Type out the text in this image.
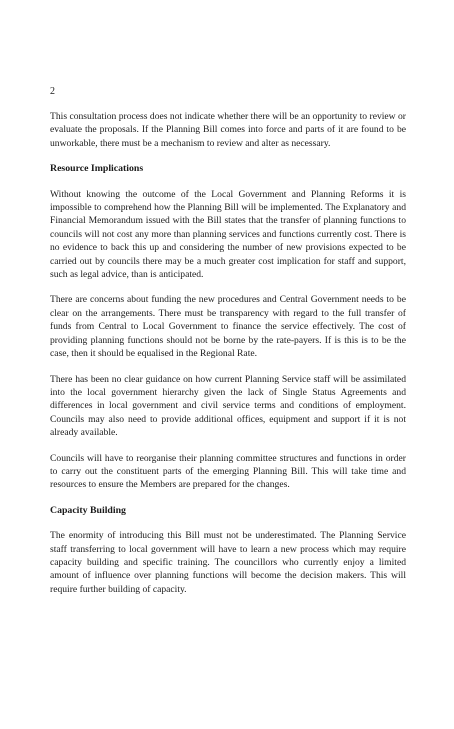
2

This consultation process does not indicate whether there will be an opportunity to review or evaluate the proposals. If the Planning Bill comes into force and parts of it are found to be unworkable, there must be a mechanism to review and alter as necessary.

Resource Implications

Without knowing the outcome of the Local Government and Planning Reforms it is impossible to comprehend how the Planning Bill will be implemented. The Explanatory and Financial Memorandum issued with the Bill states that the transfer of planning functions to councils will not cost any more than planning services and functions currently cost. There is no evidence to back this up and considering the number of new provisions expected to be carried out by councils there may be a much greater cost implication for staff and support, such as legal advice, than is anticipated.

There are concerns about funding the new procedures and Central Government needs to be clear on the arrangements. There must be transparency with regard to the full transfer of funds from Central to Local Government to finance the service effectively. The cost of providing planning functions should not be borne by the rate-payers. If is this is to be the case, then it should be equalised in the Regional Rate.

There has been no clear guidance on how current Planning Service staff will be assimilated into the local government hierarchy given the lack of Single Status Agreements and differences in local government and civil service terms and conditions of employment. Councils may also need to provide additional offices, equipment and support if it is not already available.

Councils will have to reorganise their planning committee structures and functions in order to carry out the constituent parts of the emerging Planning Bill. This will take time and resources to ensure the Members are prepared for the changes.

Capacity Building

The enormity of introducing this Bill must not be underestimated. The Planning Service staff transferring to local government will have to learn a new process which may require capacity building and specific training. The councillors who currently enjoy a limited amount of influence over planning functions will become the decision makers. This will require further building of capacity.
